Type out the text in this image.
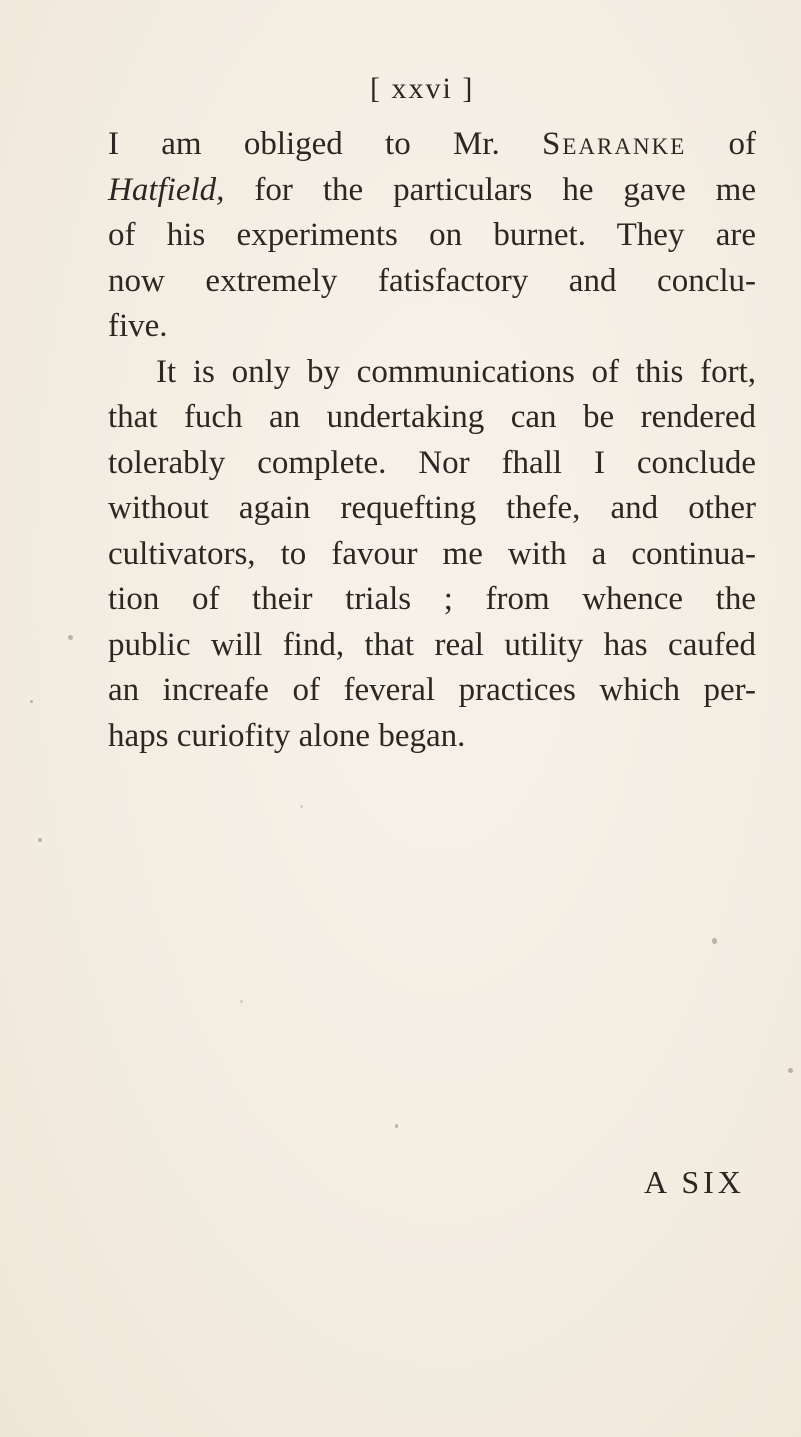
[ xxvi ]
I am obliged to Mr. Searanke of
Hatfield, for the particulars he gave me
of his experiments on burnet. They are
now extremely fatisfactory and conclu-
five.
It is only by communications of this fort,
that fuch an undertaking can be rendered
tolerably complete. Nor fhall I conclude
without again requefting thefe, and other
cultivators, to favour me with a continua-
tion of their trials ; from whence the
public will find, that real utility has caufed
an increafe of feveral practices which per-
haps curiofity alone began.
A SIX
